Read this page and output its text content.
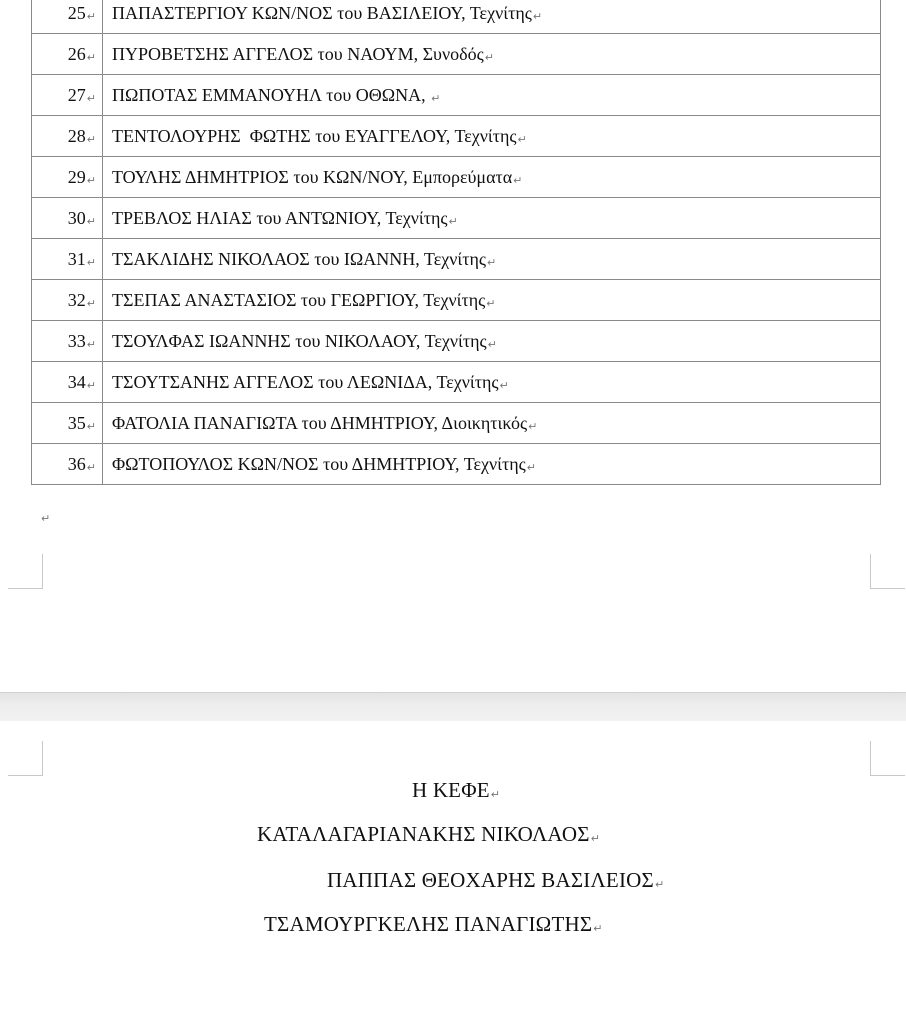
25↵	ΠΑΠΑΣΤΕΡΓΙΟΥ ΚΩΝ/ΝΟΣ του ΒΑΣΙΛΕΙΟΥ, Τεχνίτης↵
26↵	ΠΥΡΟΒΕΤΣΗΣ ΑΓΓΕΛΟΣ του ΝΑΟΥΜ, Συνοδός↵
27↵	ΠΩΠΟΤΑΣ ΕΜΜΑΝΟΥΗΛ του ΟΘΩΝΑ, ↵
28↵	ΤΕΝΤΟΛΟΥΡΗΣ  ΦΩΤΗΣ του ΕΥΑΓΓΕΛΟΥ, Τεχνίτης↵
29↵	ΤΟΥΛΗΣ ΔΗΜΗΤΡΙΟΣ του ΚΩΝ/ΝΟΥ, Εμπορεύματα↵
30↵	ΤΡΕΒΛΟΣ ΗΛΙΑΣ του ΑΝΤΩΝΙΟΥ, Τεχνίτης↵
31↵	ΤΣΑΚΛΙΔΗΣ ΝΙΚΟΛΑΟΣ του ΙΩΑΝΝΗ, Τεχνίτης↵
32↵	ΤΣΕΠΑΣ ΑΝΑΣΤΑΣΙΟΣ του ΓΕΩΡΓΙΟΥ, Τεχνίτης↵
33↵	ΤΣΟΥΛΦΑΣ ΙΩΑΝΝΗΣ του ΝΙΚΟΛΑΟΥ, Τεχνίτης↵
34↵	ΤΣΟΥΤΣΑΝΗΣ ΑΓΓΕΛΟΣ του ΛΕΩΝΙΔΑ, Τεχνίτης↵
35↵	ΦΑΤΟΛΙΑ ΠΑΝΑΓΙΩΤΑ του ΔΗΜΗΤΡΙΟΥ, Διοικητικός↵
36↵	ΦΩΤΟΠΟΥΛΟΣ ΚΩΝ/ΝΟΣ του ΔΗΜΗΤΡΙΟΥ, Τεχνίτης↵
↵
Η ΚΕΦΕ↵
ΚΑΤΑΛΑΓΑΡΙΑΝΑΚΗΣ ΝΙΚΟΛΑΟΣ↵
ΠΑΠΠΑΣ ΘΕΟΧΑΡΗΣ ΒΑΣΙΛΕΙΟΣ↵
ΤΣΑΜΟΥΡΓΚΕΛΗΣ ΠΑΝΑΓΙΩΤΗΣ↵
